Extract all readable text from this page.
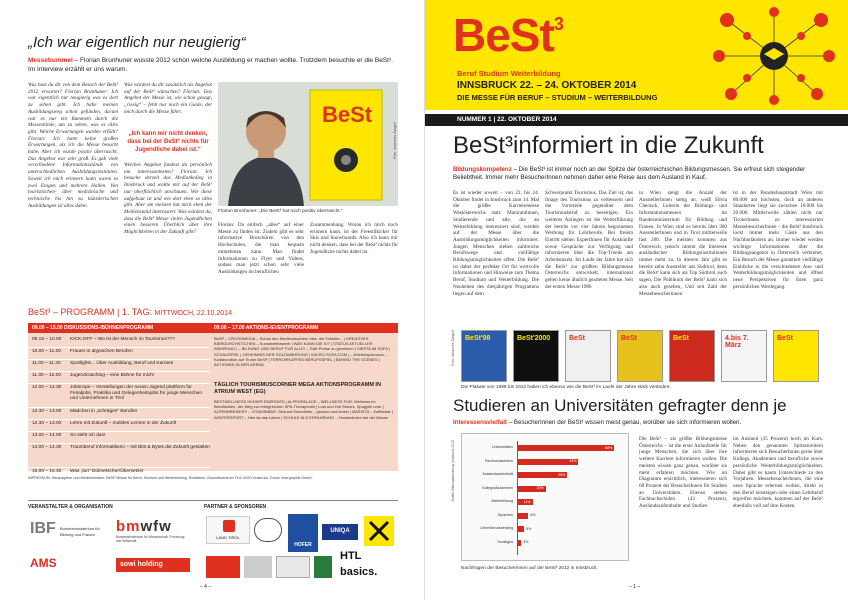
„Ich war eigentlich nur neugierig“
Messebummel – Florian Brunhuner wusste 2012 schon welche Ausbildung er machen wollte. Trotzdem besuchte er die BeSt³. Im Interview erzählt er uns warum.
Was hast du dir von dem Besuch der BeSt³ 2012 erwartet? Florian Brunhuner: Ich war eigentlich nur neugierig was es dort zu sehen gibt. Ich habe meinen Ausbildungsweg schon gefunden, darum war es nur ein Bummeln durch die Messestände, um zu sehen, was es alles gibt. Welche Erwartungen wurden erfüllt? Florian: Ich hatte keine großen Erwartungen, als ich die Messe besucht habe. Aber ich wurde positiv überrascht. Das Angebot war sehr groß. Es gab viele verschiedene Informationsstände von unterschiedlichen Ausbildungsinstituten. Soweit ich mich erinnern kann waren es zwei Etagen und mehrere Hallen. Von touristischen- über medizinische und technische bis hin zu künstlerischen Ausbildungen ist alles dabei.
Was würdest du dir zusätzlich als Angebot auf der BeSt³ wünschen? Florian: Das Angebot der Messe ist, wie schon gesagt, „riesig“ – fehlt nur noch ein Guide, der mich durch die Messe führt.
„Ich kann mir nicht denken, dass bei der BeSt³ nichts für Jugendliche dabei ist.“
Welches Angebot fandest du persönlich am interessantesten? Florian: Ich besuche derzeit das Mediankolleg in Innsbruck und wollte mir auf der BeSt³ nur oberflächlich anschauen. Wie diese aufgebaut ist und wie dort eben so alles gibt. Aber am meisten hat mich eben der Medienstand interessiert. Was würdest du, dass die BeSt³ Messe vielen Jugendlichen einen besseren Überblick über ihre Möglichkeiten in der Zukunft gibt?
BeSt
Foto: Johannes Zangerl
Florian Brunhuner: „Die BeSt³ hat mich positiv überrascht.“
Florian: Da einfach „alles“ auf einer Messe zu finden ist. Zudem gibt es sehr informative Broschüren von den Hochschulen, die man bequem mitnehmen kann. Man findet Informationen zu Flyer und Videos, sodass man jetzt schon sehr viele Ausbildungen im beruflichen
Zusammenhang. Woran ich mich noch erinnern kann, ist der Freestilkicker für Skis und Snowboards. Also ich kann mir nicht denken, dass bei der BeSt³ nichts für Jugendliche nichts dabei ist.
BeSt³ – PROGRAMM | 1. TAG: MITTWOCH, 22.10.2014
09.00 – 15.00 DISKUSSIONS-/BÜHNENPROGRAMM	09.00 – 17.00 AKTIONS-/EVENTPROGRAMM
09.15 – 10.00	KICK-OFF – Wo ist der Mensch im Tourismus???
10.00 – 11.00	Frauen in atypischen Berufen
11.00 – 11.30	Spotlights... Über Ausbildung, Beruf und Karriere
11.30 – 12.00	Jugendcoaching – eine Bühne für mich!
12.00 – 12.30	Jobscope – Vorstellungen der neuen Jugend plattform für Ferialjobs, Praktika und Gelegenheitsjobs für junge Menschen und Unternehmen in Tirol
12.30 – 13.00	Mädchen in „schrägen“ Berufen
12.30 – 13.00	Lehre mit Zukunft – mobiles Lernen in der Zukunft
13.00 – 14.00	So sieht ich das!
14.00 – 14.30	Traumberuf Informatikerin – mit Bits & Bytes die Zukunft gestalten
15.00 – 15.30	Was „tun“ Dolmetscher/Übersetzer
BeSt³ – CROSSMEDIA – Schau den Medienmachern über die Schulter... | KREATIVES BIERDURCHSTICHEN – Kunstwettbewerb | WAS KANN DIE KI? | STATUS AKTUELLER WÄHRUNG | – BILDUNG UND BERUF FÜR ALLE! – Tolle Preise zu gewinnen | SIESTA IM SOFA | SCHAUSPIEL | GEHEIMNIS DER GOLDWÄHRUNG | MICRO-SOFA.COM | – Erlebnisparcours – Kollaboration auf Tiroler BeSt³ | TERROIRKAFFEE BERUFSSPIEL | BEHIND THE SCENES | AKTIONEN IN DER ARENA
TÄGLICH TOURISMUSCORNER MEGA AKTIONSPROGRAMM IN ATRIUM WEST (EG)
BESTWELLNESS HIGHER ENERGIES | ALPENPALACE – WELLNESS FUR: Wellness im Berufsleben, der Weg zur erfolgreichen SPA-Therapeutin | Lust und Hot Stones, Spagyrik ums. | ALPENBREWERY – VITAMINBAR: Gesund Smoothies – gesund und lecker | BARISTA – Kaffeebar | WINTERSPORT – Hier ist das Leben | SCHULE ALS ERFAHRUNG – Hochschulen bei der Messe
IMPRESSUM: Herausgeber und Medieninhaber: BeSt³ Messe für Beruf, Studium und Weiterbildung. Redaktion: Zukunftszentrum Tirol, 6020 Innsbruck. Druck: Intergraphik GmbH.
VERANSTALTER & ORGANISATION	PARTNER & SPONSOREN
IBF Bundesministerium für
Bildung und Frauen bmwfw
Bundesministerium für Wissenschaft, Forschung und Wirtschaft
AMS	sowi holding
LAND TIROL
HOFER
UNIQA
HTL
basics.
– 4 –
BeSt$^3$
Beruf Studium Weiterbildung
INNSBRUCK 22. – 24. OKTOBER 2014
DIE MESSE FÜR BERUF – STUDIUM – WEITERBILDUNG
NUMMER 1 | 22. OKTOBER 2014
BeSt³informiert in die Zukunft
Bildungskompetenz – Die BeSt³ ist immer noch an der Spitze der österreichischen Bildungsmessen. Sie erfreut sich steigender Beliebtheit. Immer mehr BesucherInnen nehmen daher eine Reise aus dem Ausland in Kauf.
Es ist wieder soweit – von 22. bis 24. Oktober findet in Innsbruck zum 14. Mal die größte Karrieremesse Westösterreichs statt. Maturantinnen, Studierende und alle, die an Weiterbildung interessiert sind, werden auf der Messe über die Ausbildungsmöglichkeiten informiert. Jungen Menschen stehen zahlreiche Berufswege und vielfältige Bildungsmöglichkeiten offen. Die BeSt³ ist daher der perfekte Ort für wertvolle Informationen und Hinweise zum Thema Beruf, Studium und Weiterbildung. Die Neuheiten des diesjährigen Programms liegen auf dem
Schwerpunkt Tourismus. Das Ziel ist, das Image des Tourismus zu verbessern und die Vorurteile gegenüber dem Tourismusberuf zu beseitigen. Ein weiteres Anliegen ist die Weiterführung der bereits vor vier Jahren begonnenen Werbung für Lehrberufe. Bei freiem Eintritt stehen ExpertInnen für Auskünfte sowie Gespräche zur Verfügung und informieren über die Top-Trends am Arbeitsmarkt. Im Laufe der Jahre hat sich die BeSt³ zur größten Bildungsmesse Österreichs entwickelt, international gelten keine ähnlich gearteten Messe. Seit der ersten Messe 1986
in Wien steigt die Anzahl der AusstellerInnen stetig an, weiß Silvia Cheonck, Leiterin der Bildungs- und Informationsmessen im Bundesministerium für Bildung und Frauen. In Wien sind es bereits über 300 AusstellerInnen und in Tirol mittlerweile fast 200. Die meisten kommen aus Österreich, jedoch nimmt die Interesse ausländischer Bildungsinstitutionen immer mehr zu. In diesem Jahr gibt es bereits zehn Aussteller aus Südtirol, denn die BeSt³ kann sich als Top Südtirol auch sagen, Die Publikum der BeSt³ kann sich also auch gesehen, Und seit Zahl der Messebesucherinnen
ist in der Bundeshauptstadt Wien mit 80.000 am höchsten, doch an anderen Standorten liegt sie zwischen 10.000 bis 20.000. Mittlerweile zählen nicht nur TirolerInnen zu interessierten MessebesucherInnen – die BeSt³ Innsbruck lockt immer mehr Gäste aus den Nachbarländern an. Immer wieder werden wichtige Informationen über die Bildungsangebot in Österreich verbreitet. Ein Besuch der Messe garantiert vielfältige Einblicke in die verschiedenen Aus- und Weiterbildungsmöglichkeiten und öffnet neue Perspektiven für ihren ganz persönlichen Werdegang.
BeSt'98	BeSt'2000	BeSt	BeSt	BeSt	4.bis 7. März
BeSt
Foto: Johannes Zangerl
Die Plakate von 1998 bis 2012 haben ich ebenso wie die BeSt³ im Laufe der Jahre stark verändert.
Studieren an Universitäten gefragter denn je
Interessensvielfalt – BesucherInnen der BeSt³ wissen meist genau, worüber sie sich informieren wollen.
Grafik: Bildungsberatung Innsbruck 2012	Universitäten	68%
Fachhochschulen	43%
Auslandsaufenthalt	35%
Kollegs/Akademien	20%
Weiterbildung	11%
Sprachen	8%
Lehre/Berufseinstieg	5%
Sonstiges	3%
Nachfragen der BesucherInnen auf der BeSt³ 2012 in Innsbruck.
Die BeSt³ – als größte Bildungsmesse Österreichs – ist die erste Anlaufstelle für junge Menschen, die sich über ihre weitere Karriere informieren wollen. Die meisten wissen ganz genau, worüber sie mehr erfahren möchten. Wie im Diagramm ersichtlich, interessieren sich 68 Prozent der BesucherInnen für Studien an Universitäten. Ebenso stehen Fachhochschulen (43 Prozent), Auslandsaufenthalte und Studien
im Ausland (35 Prozent) hoch im Kurs. Neben den genannten Spitzenreitern informieren sich BesucherInnen gerne über Kollegs, Akademien und berufliche sowie persönliche Weiterbildungsmöglichkeiten. Dabei gibt es kaum Unterschiede zu den Vorjahren. MessebesucherInnen, die eine neue Sprache erlernen wollen, direkt in den Beruf einsteigen oder einen Lehrberuf ergreifen möchten, kommen auf der BeSt³ ebenfalls voll auf ihre Kosten.
– 1 –
